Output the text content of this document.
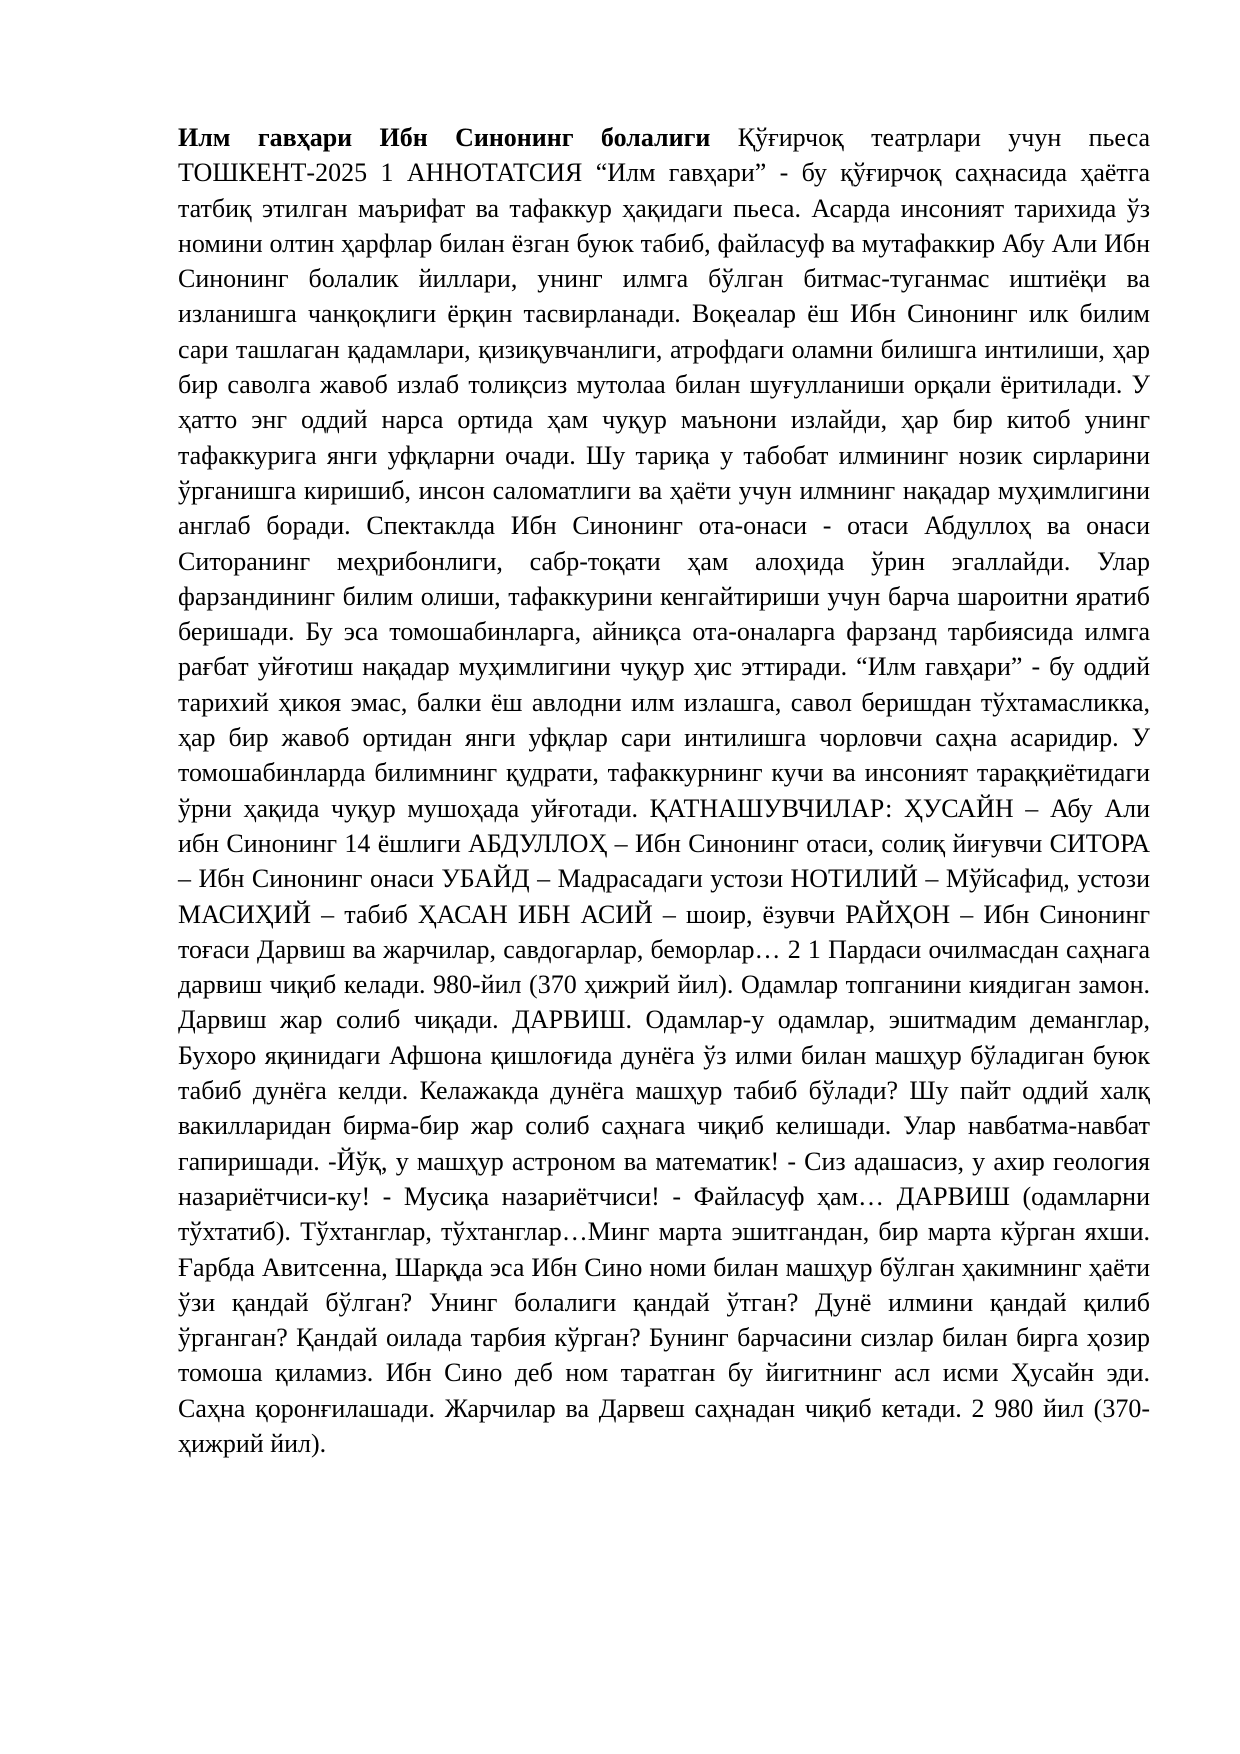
Илм гавҳари Ибн Синонинг болалиги Қўғирчоқ театрлари учун пьеса ТОШКЕНТ-2025 1 АННОТАТСИЯ “Илм гавҳари” - бу қўғирчоқ саҳнасида ҳаётга татбиқ этилган маърифат ва тафаккур ҳақидаги пьеса. Асарда инсоният тарихида ўз номини олтин ҳарфлар билан ёзган буюк табиб, файласуф ва мутафаккир Абу Али Ибн Синонинг болалик йиллари, унинг илмга бўлган битмас-туганмас иштиёқи ва изланишга чанқоқлиги ёрқин тасвирланади. Воқеалар ёш Ибн Синонинг илк билим сари ташлаган қадамлари, қизиқувчанлиги, атрофдаги оламни билишга интилиши, ҳар бир саволга жавоб излаб толиқсиз мутолаа билан шуғулланиши орқали ёритилади. У ҳатто энг оддий нарса ортида ҳам чуқур маънони излайди, ҳар бир китоб унинг тафаккурига янги уфқларни очади. Шу тариқа у табобат илмининг нозик сирларини ўрганишга киришиб, инсон саломатлиги ва ҳаёти учун илмнинг нақадар муҳимлигини англаб боради. Спектаклда Ибн Синонинг ота-онаси - отаси Абдуллоҳ ва онаси Ситоранинг меҳрибонлиги, сабр-тоқати ҳам алоҳида ўрин эгаллайди. Улар фарзандининг билим олиши, тафаккурини кенгайтириши учун барча шароитни яратиб беришади. Бу эса томошабинларга, айниқса ота-оналарга фарзанд тарбиясида илмга рағбат уйғотиш нақадар муҳимлигини чуқур ҳис эттиради. “Илм гавҳари” - бу оддий тарихий ҳикоя эмас, балки ёш авлодни илм излашга, савол беришдан тўхтамасликка, ҳар бир жавоб ортидан янги уфқлар сари интилишга чорловчи саҳна асаридир. У томошабинларда билимнинг қудрати, тафаккурнинг кучи ва инсоният тараққиётидаги ўрни ҳақида чуқур мушоҳада уйғотади. ҚАТНАШУВЧИЛАР: ҲУСАЙН – Абу Али ибн Синонинг 14 ёшлиги АБДУЛЛОҲ – Ибн Синонинг отаси, солиқ йиғувчи СИТОРА – Ибн Синонинг онаси УБАЙД – Мадрасадаги устози НОТИЛИЙ – Мўйсафид, устози МАСИҲИЙ – табиб ҲАСАН ИБН АСИЙ – шоир, ёзувчи РАЙҲОН – Ибн Синонинг тоғаси Дарвиш ва жарчилар, савдогарлар, беморлар… 2 1 Пардаси очилмасдан саҳнага дарвиш чиқиб келади. 980-йил (370 ҳижрий йил). Одамлар топганини киядиган замон. Дарвиш жар солиб чиқади. ДАРВИШ. Одамлар-у одамлар, эшитмадим деманглар, Бухоро яқинидаги Афшона қишлоғида дунёга ўз илми билан машҳур бўладиган буюк табиб дунёга келди. Келажакда дунёга машҳур табиб бўлади? Шу пайт оддий халқ вакилларидан бирма-бир жар солиб саҳнага чиқиб келишади. Улар навбатма-навбат гапиришади. -Йўқ, у машҳур астроном ва математик! - Сиз адашасиз, у ахир геология назариётчиси-ку! - Мусиқа назариётчиси! - Файласуф ҳам… ДАРВИШ (одамларни тўхтатиб). Тўхтанглар, тўхтанглар…Минг марта эшитгандан, бир марта кўрган яхши. Ғарбда Авитсенна, Шарқда эса Ибн Сино номи билан машҳур бўлган ҳакимнинг ҳаёти ўзи қандай бўлган? Унинг болалиги қандай ўтган? Дунё илмини қандай қилиб ўрганган? Қандай оилада тарбия кўрган? Бунинг барчасини сизлар билан бирга ҳозир томоша қиламиз. Ибн Сино деб ном таратган бу йигитнинг асл исми Ҳусайн эди. Саҳна қоронғилашади. Жарчилар ва Дарвеш саҳнадан чиқиб кетади. 2 980 йил (370-ҳижрий йил).
